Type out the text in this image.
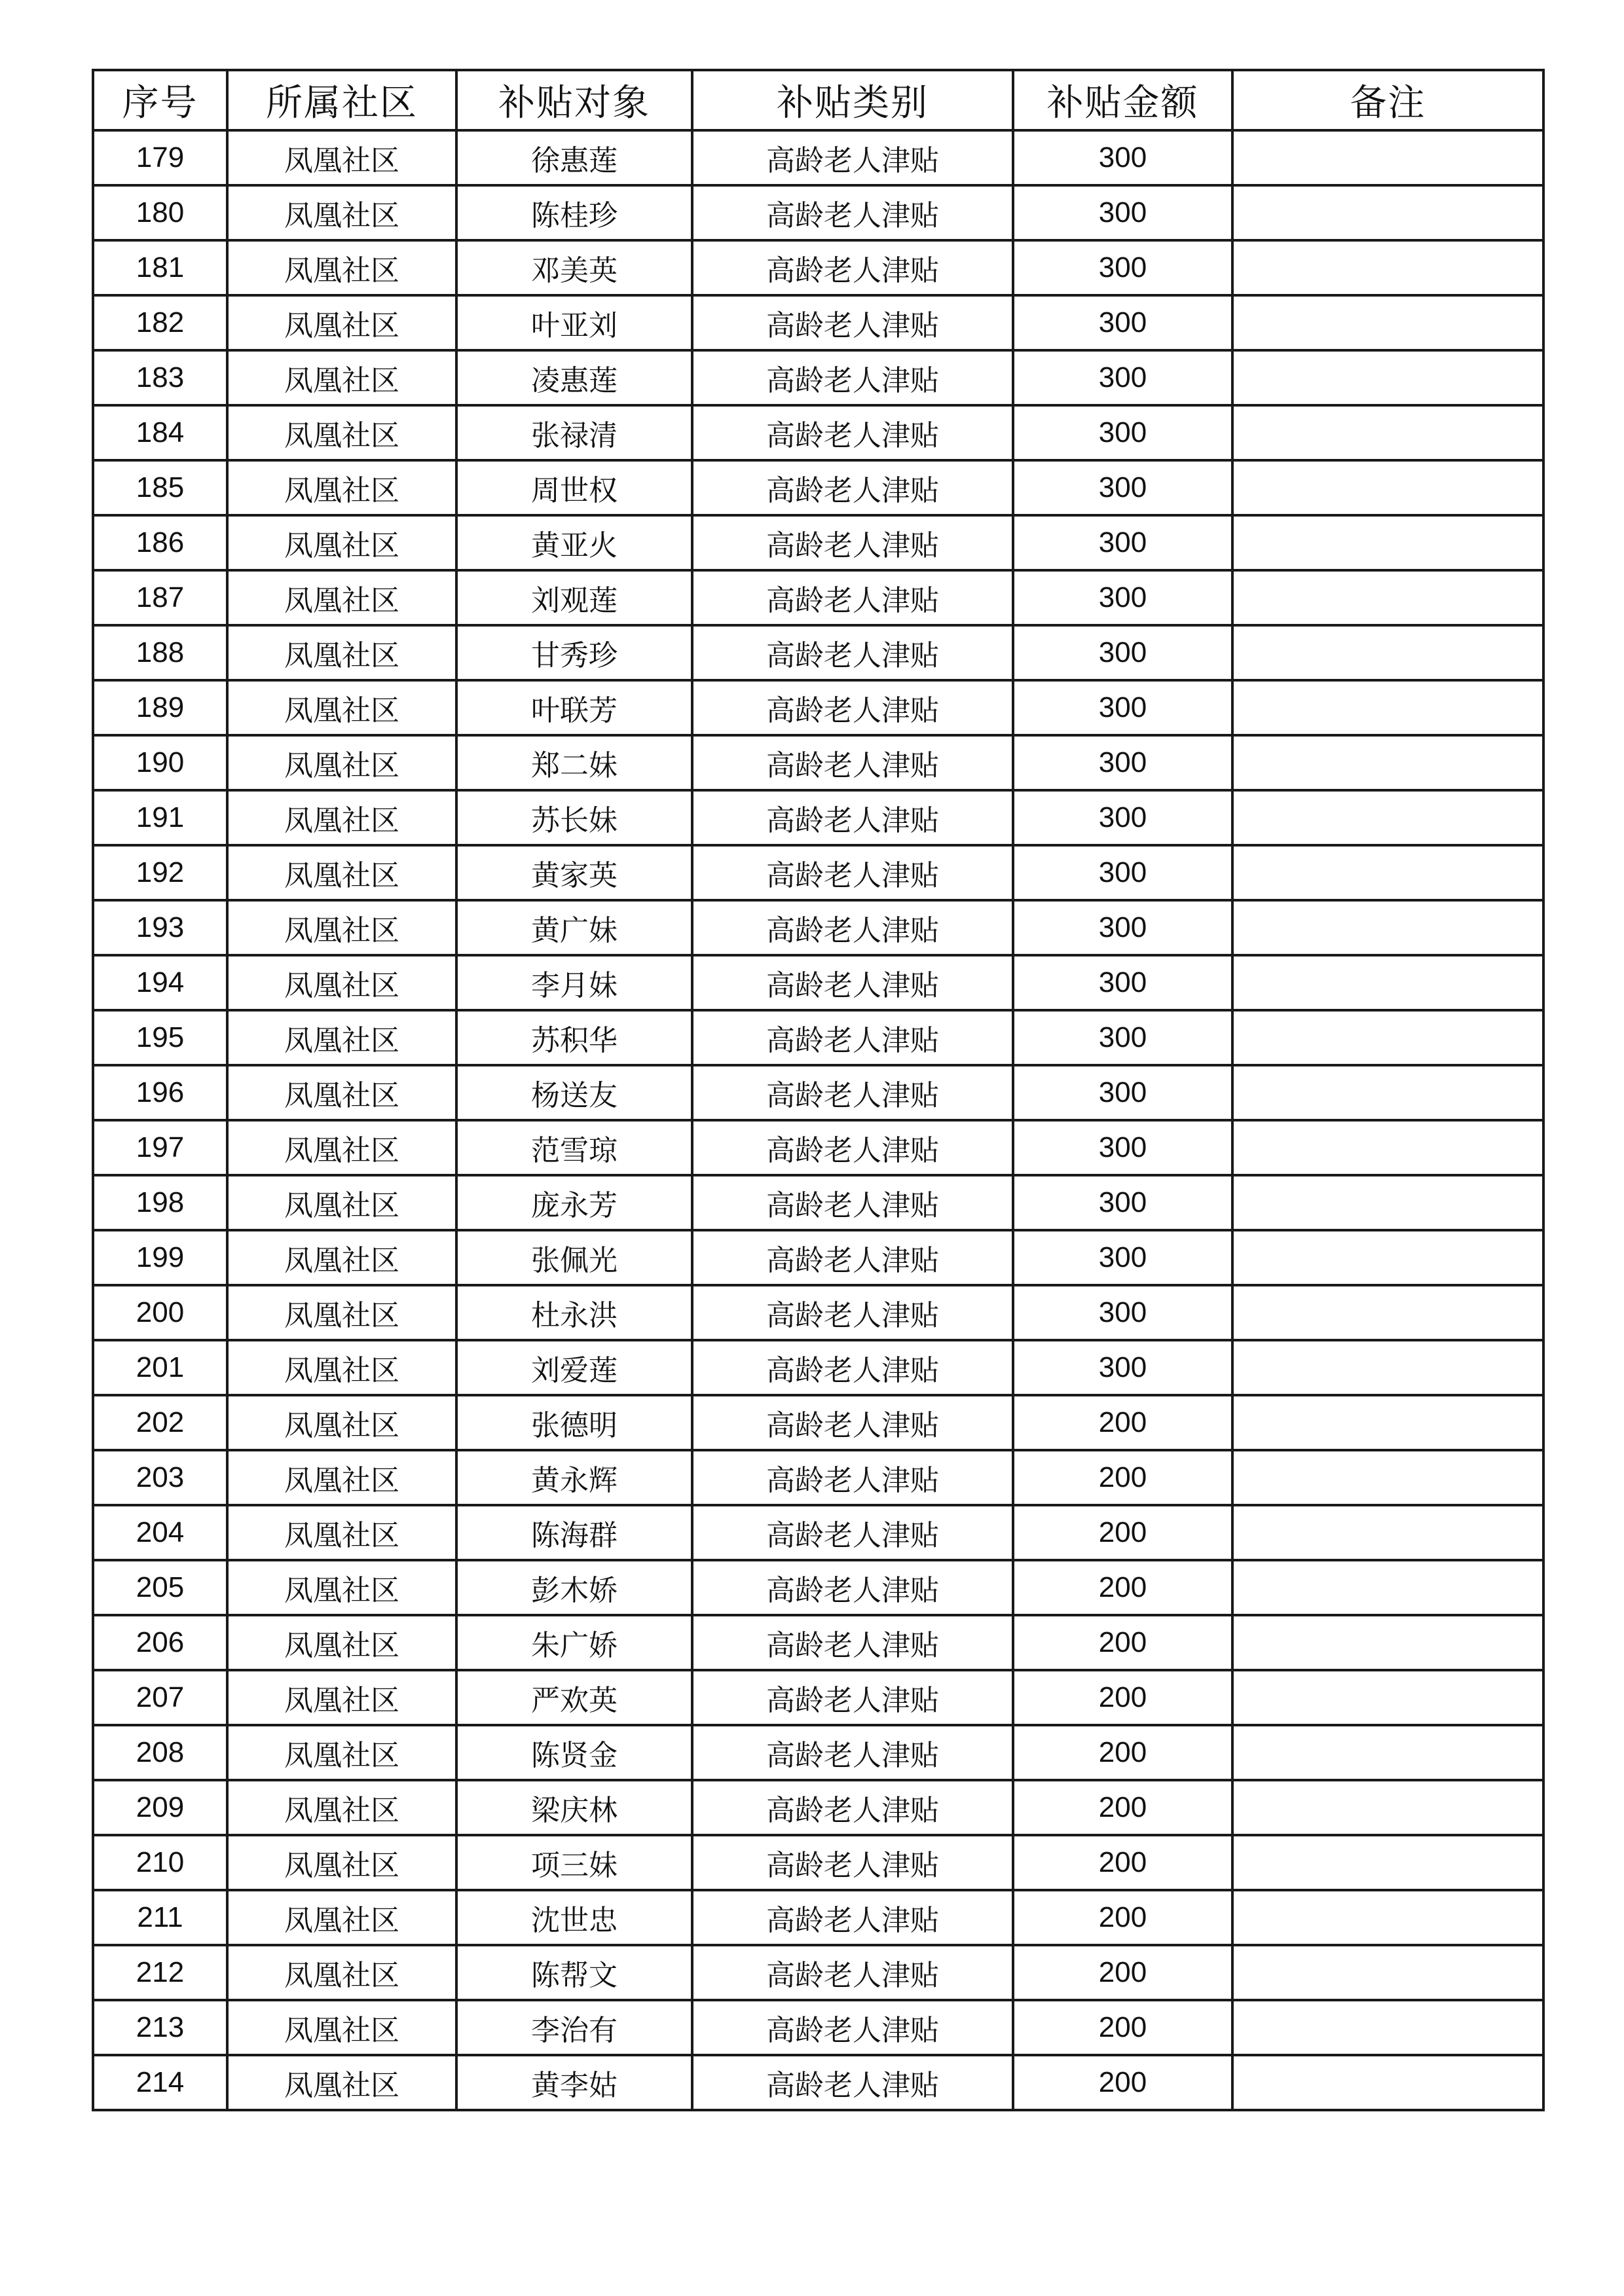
序号	所属社区	补贴对象	补贴类别	补贴金额	备注
179	凤凰社区	徐惠莲	高龄老人津贴	300	
180	凤凰社区	陈桂珍	高龄老人津贴	300	
181	凤凰社区	邓美英	高龄老人津贴	300	
182	凤凰社区	叶亚刘	高龄老人津贴	300	
183	凤凰社区	凌惠莲	高龄老人津贴	300	
184	凤凰社区	张禄清	高龄老人津贴	300	
185	凤凰社区	周世权	高龄老人津贴	300	
186	凤凰社区	黄亚火	高龄老人津贴	300	
187	凤凰社区	刘观莲	高龄老人津贴	300	
188	凤凰社区	甘秀珍	高龄老人津贴	300	
189	凤凰社区	叶联芳	高龄老人津贴	300	
190	凤凰社区	郑二妹	高龄老人津贴	300	
191	凤凰社区	苏长妹	高龄老人津贴	300	
192	凤凰社区	黄家英	高龄老人津贴	300	
193	凤凰社区	黄广妹	高龄老人津贴	300	
194	凤凰社区	李月妹	高龄老人津贴	300	
195	凤凰社区	苏积华	高龄老人津贴	300	
196	凤凰社区	杨送友	高龄老人津贴	300	
197	凤凰社区	范雪琼	高龄老人津贴	300	
198	凤凰社区	庞永芳	高龄老人津贴	300	
199	凤凰社区	张佩光	高龄老人津贴	300	
200	凤凰社区	杜永洪	高龄老人津贴	300	
201	凤凰社区	刘爱莲	高龄老人津贴	300	
202	凤凰社区	张德明	高龄老人津贴	200	
203	凤凰社区	黄永辉	高龄老人津贴	200	
204	凤凰社区	陈海群	高龄老人津贴	200	
205	凤凰社区	彭木娇	高龄老人津贴	200	
206	凤凰社区	朱广娇	高龄老人津贴	200	
207	凤凰社区	严欢英	高龄老人津贴	200	
208	凤凰社区	陈贤金	高龄老人津贴	200	
209	凤凰社区	梁庆林	高龄老人津贴	200	
210	凤凰社区	项三妹	高龄老人津贴	200	
211	凤凰社区	沈世忠	高龄老人津贴	200	
212	凤凰社区	陈帮文	高龄老人津贴	200	
213	凤凰社区	李治有	高龄老人津贴	200	
214	凤凰社区	黄李姑	高龄老人津贴	200	
